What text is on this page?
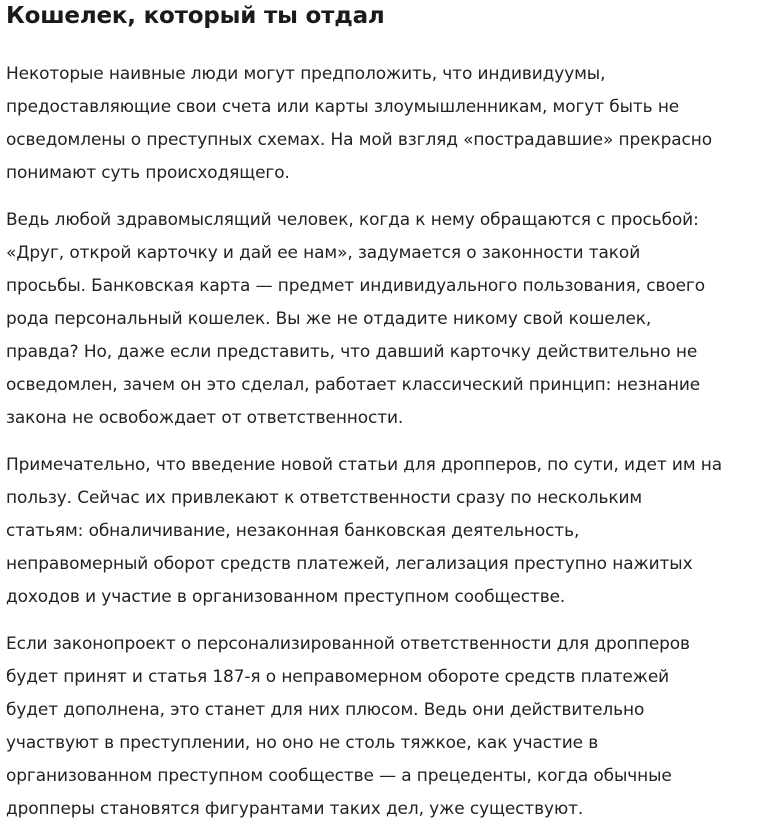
Кошелек, который ты отдал

Некоторые наивные люди могут предположить, что индивидуумы,
предоставляющие свои счета или карты злоумышленникам, могут быть не
осведомлены о преступных схемах. На мой взгляд «пострадавшие» прекрасно
понимают суть происходящего.

Ведь любой здравомыслящий человек, когда к нему обращаются с просьбой:
«Друг, открой карточку и дай ее нам», задумается о законности такой
просьбы. Банковская карта — предмет индивидуального пользования, своего
рода персональный кошелек. Вы же не отдадите никому свой кошелек,
правда? Но, даже если представить, что давший карточку действительно не
осведомлен, зачем он это сделал, работает классический принцип: незнание
закона не освобождает от ответственности.

Примечательно, что введение новой статьи для дропперов, по сути, идет им на
пользу. Сейчас их привлекают к ответственности сразу по нескольким
статьям: обналичивание, незаконная банковская деятельность,
неправомерный оборот средств платежей, легализация преступно нажитых
доходов и участие в организованном преступном сообществе.

Если законопроект о персонализированной ответственности для дропперов
будет принят и статья 187-я о неправомерном обороте средств платежей
будет дополнена, это станет для них плюсом. Ведь они действительно
участвуют в преступлении, но оно не столь тяжкое, как участие в
организованном преступном сообществе — а прецеденты, когда обычные
дропперы становятся фигурантами таких дел, уже существуют.
